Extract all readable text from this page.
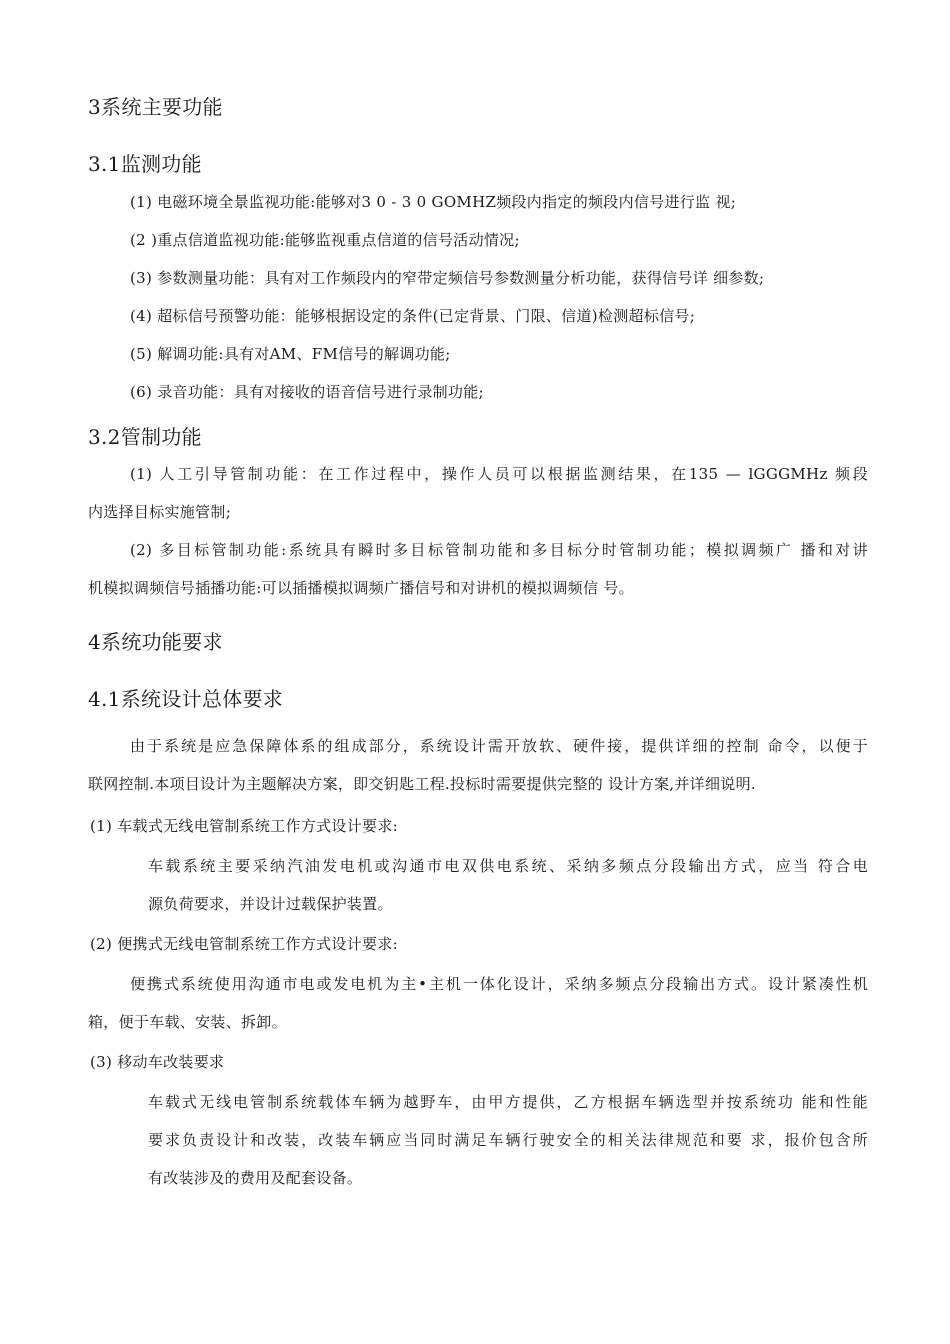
3系统主要功能

3.1监测功能

(1) 电磁环境全景监视功能:能够对3 0 - 3 0 GOMHZ频段内指定的频段内信号进行监 视;

(2 )重点信道监视功能:能够监视重点信道的信号活动情况;

(3) 参数测量功能：具有对工作频段内的窄带定频信号参数测量分析功能，获得信号详 细参数;

(4) 超标信号预警功能：能够根据设定的条件(已定背景、门限、信道)检测超标信号;

(5) 解调功能:具有对AM、FM信号的解调功能;

(6) 录音功能：具有对接收的语音信号进行录制功能;

3.2管制功能

(1) 人工引导管制功能：在工作过程中，操作人员可以根据监测结果，在135 — lGGGMHz 频段

内选择目标实施管制;

(2) 多目标管制功能:系统具有瞬时多目标管制功能和多目标分时管制功能；模拟调频广 播和对讲

机模拟调频信号插播功能:可以插播模拟调频广播信号和对讲机的模拟调频信 号。

4系统功能要求

4.1系统设计总体要求

由于系统是应急保障体系的组成部分，系统设计需开放软、硬件接，提供详细的控制 命令，以便于

联网控制.本项目设计为主题解决方案，即交钥匙工程.投标时需要提供完整的 设计方案,并详细说明.

(1) 车载式无线电管制系统工作方式设计要求:

车载系统主要采纳汽油发电机或沟通市电双供电系统、采纳多频点分段输出方式，应当 符合电

源负荷要求，并设计过载保护装置。

(2) 便携式无线电管制系统工作方式设计要求:

便携式系统使用沟通市电或发电机为主•主机一体化设计，采纳多频点分段输出方式。设计紧凑性机

箱，便于车载、安装、拆卸。

(3) 移动车改装要求

车载式无线电管制系统载体车辆为越野车，由甲方提供，乙方根据车辆选型并按系统功 能和性能

要求负责设计和改装，改装车辆应当同时满足车辆行驶安全的相关法律规范和要 求，报价包含所

有改装涉及的费用及配套设备。
